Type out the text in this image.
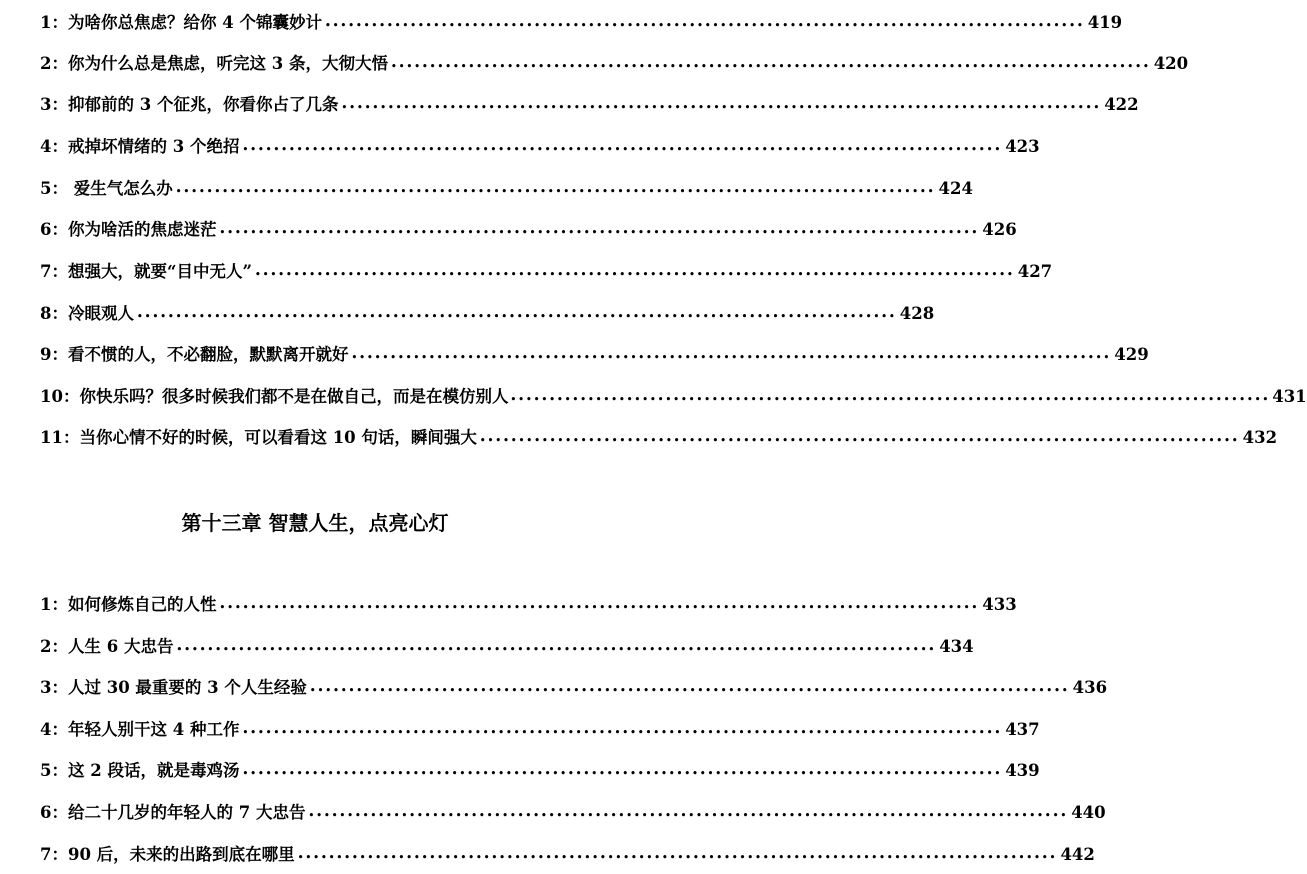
1：为啥你总焦虑？给你 4 个锦囊妙计 •••••	419
2：你为什么总是焦虑，听完这 3 条，大彻大悟 •••••	420
3：抑郁前的 3 个征兆，你看你占了几条 •••••	422
4：戒掉坏情绪的 3 个绝招 •••••	423
5： 爱生气怎么办 •••••	424
6：你为啥活的焦虑迷茫 •••••	426
7：想强大，就要“目中无人” •••••	427
8：冷眼观人 •••••	428
9：看不惯的人，不必翻脸，默默离开就好 •••••	429
10：你快乐吗？很多时候我们都不是在做自己，而是在模仿别人 •••••	431
11：当你心情不好的时候，可以看看这 10 句话，瞬间强大 •••••	432
第十三章 智慧人生，点亮心灯
1：如何修炼自己的人性 •••••	433
2：人生 6 大忠告 •••••	434
3：人过 30 最重要的 3 个人生经验 •••••	436
4：年轻人别干这 4 种工作 •••••	437
5：这 2 段话，就是毒鸡汤 •••••	439
6：给二十几岁的年轻人的 7 大忠告 •••••	440
7：90 后，未来的出路到底在哪里 •••••	442
